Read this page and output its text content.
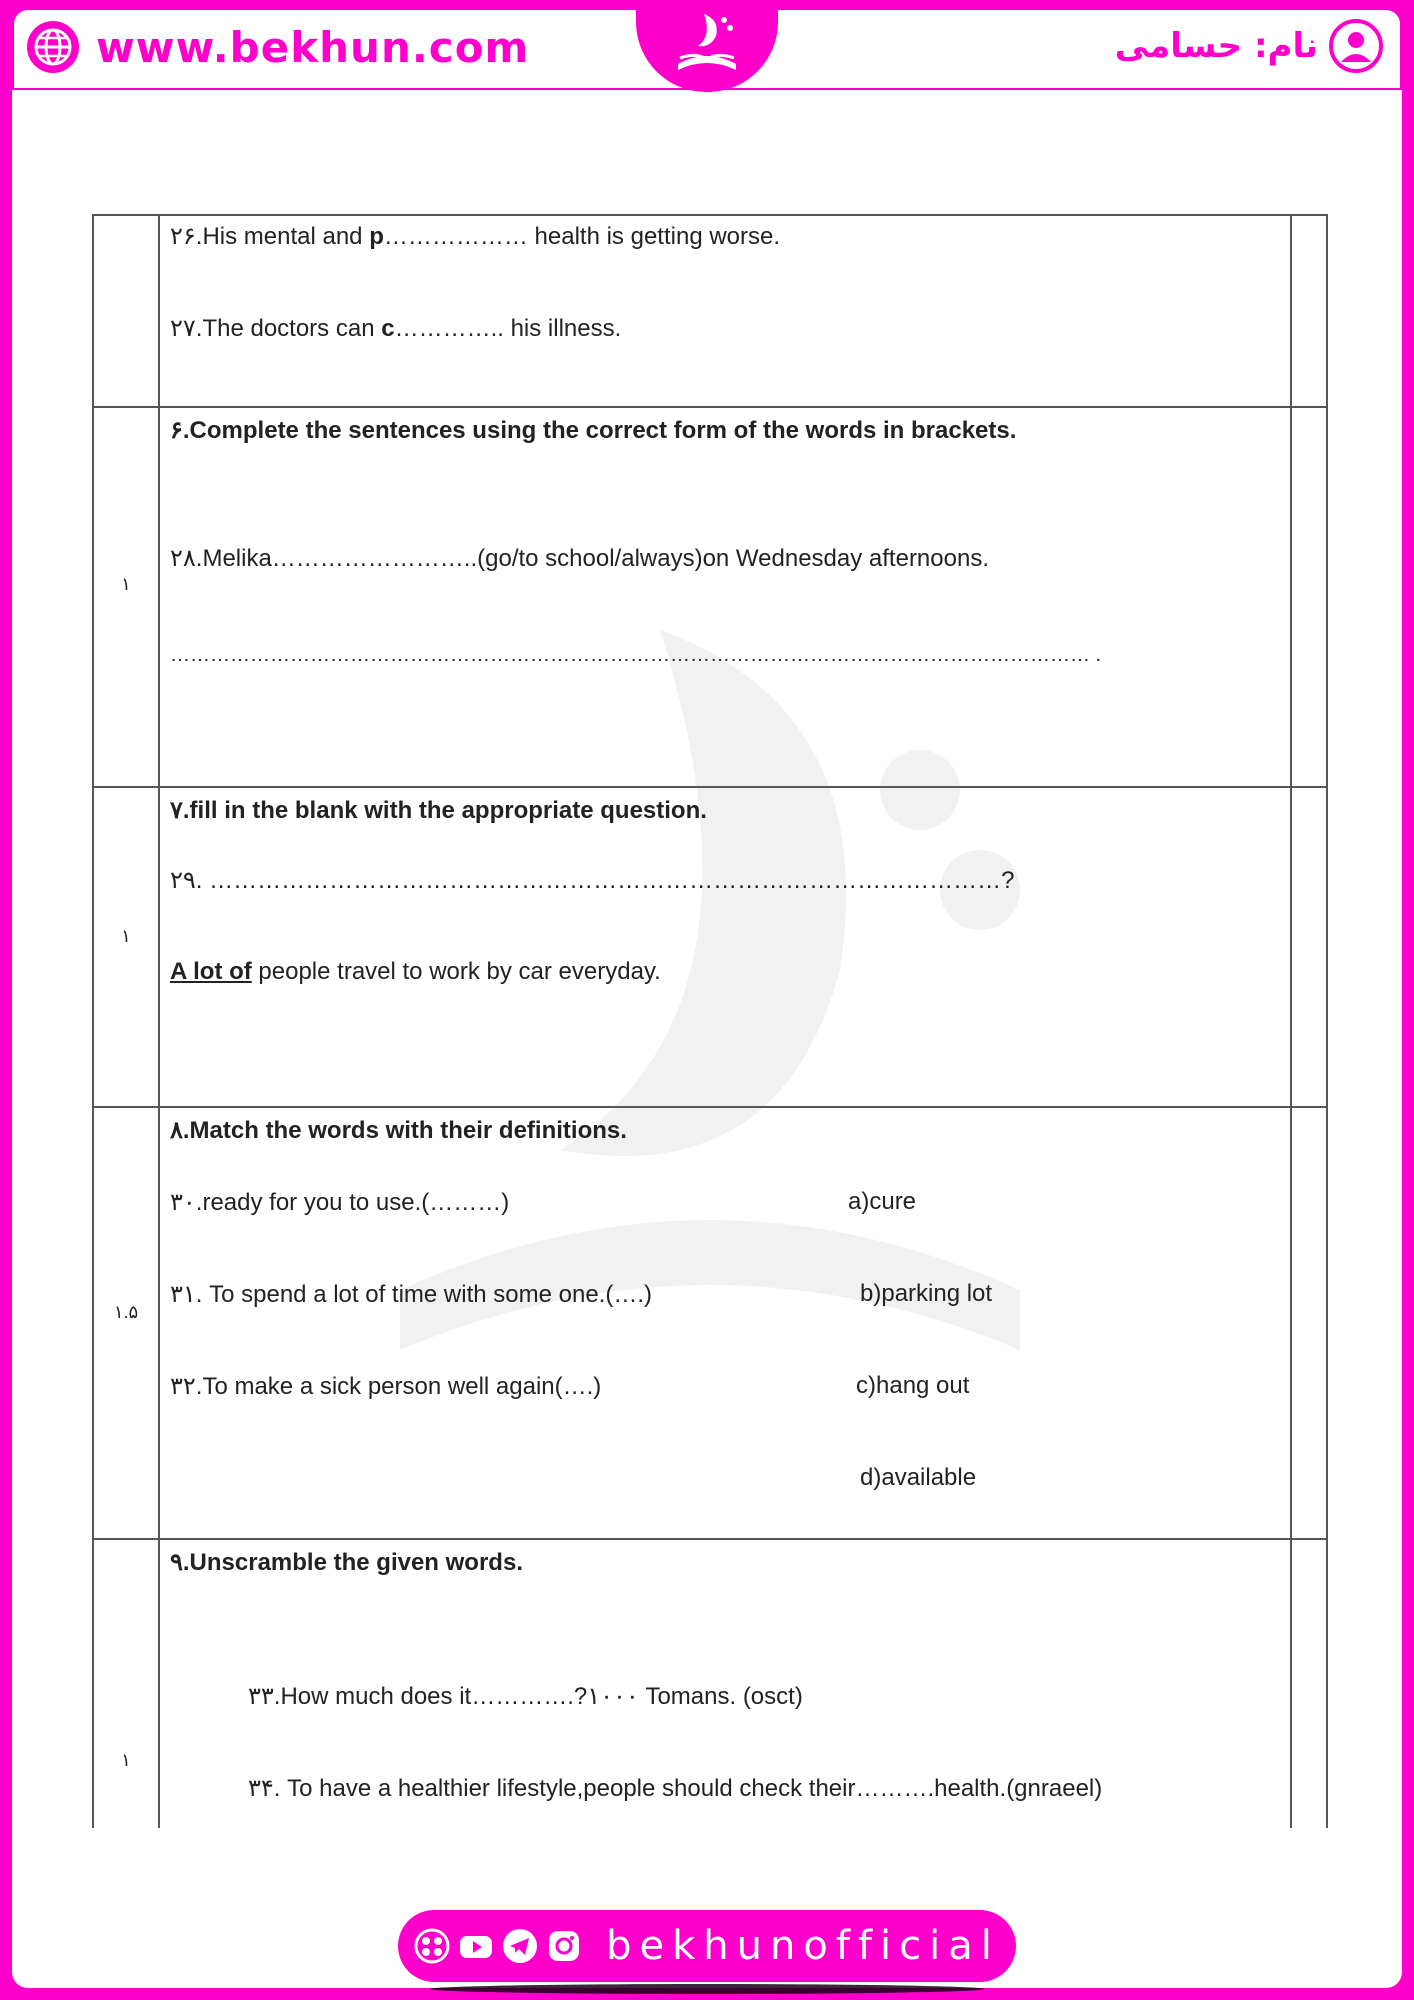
www.bekhun.com	نام: حسامی
۲۶.His mental and p……………… health is getting worse.
۲۷.The doctors can c………….. his illness.
۱
۶.Complete the sentences using the correct form of the words in brackets.
۲۸.Melika……………………..(go/to school/always)on Wednesday afternoons.
………………………………………………………………………………………………………………………… .
۱
۷.fill in the blank with the appropriate question.
۲۹. ………………………………………………………………………………………?
A lot of people travel to work by car everyday.
۱.۵
۸.Match the words with their definitions.
۳۰.ready for you to use.(………)
۳۱. To spend a lot of time with some one.(….)
۳۲.To make a sick person well again(….)
a)cure
b)parking lot
c)hang out
d)available
۱
۹.Unscramble the given words.
۳۳.How much does it………….?۱۰۰۰ Tomans. (osct)
۳۴. To have a healthier lifestyle,people should check their……….health.(gnraeel)
bekhunofficial
